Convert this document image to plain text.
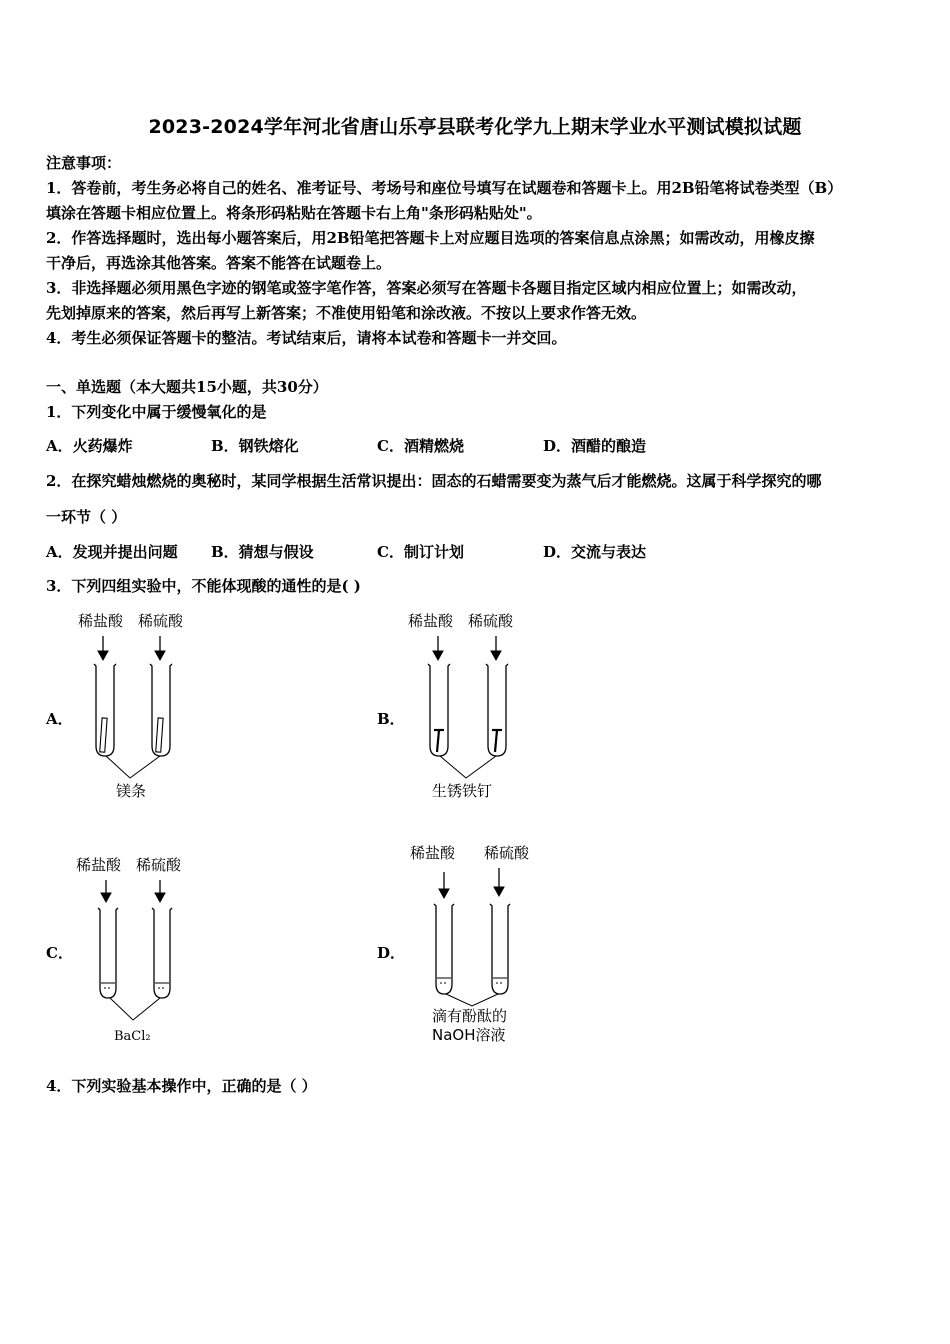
2023-2024学年河北省唐山乐亭县联考化学九上期末学业水平测试模拟试题
注意事项：
1．答卷前，考生务必将自己的姓名、准考证号、考场号和座位号填写在试题卷和答题卡上。用2B铅笔将试卷类型（B）
填涂在答题卡相应位置上。将条形码粘贴在答题卡右上角"条形码粘贴处"。
2．作答选择题时，选出每小题答案后，用2B铅笔把答题卡上对应题目选项的答案信息点涂黑；如需改动，用橡皮擦
干净后，再选涂其他答案。答案不能答在试题卷上。
3．非选择题必须用黑色字迹的钢笔或签字笔作答，答案必须写在答题卡各题目指定区域内相应位置上；如需改动，
先划掉原来的答案，然后再写上新答案；不准使用铅笔和涂改液。不按以上要求作答无效。
4．考生必须保证答题卡的整洁。考试结束后，请将本试卷和答题卡一并交回。
一、单选题（本大题共15小题，共30分）
1．下列变化中属于缓慢氧化的是
A．火药爆炸	B．钢铁熔化	C．酒精燃烧	D．酒醋的酿造
2．在探究蜡烛燃烧的奥秘时，某同学根据生活常识提出：固态的石蜡需要变为蒸气后才能燃烧。这属于科学探究的哪
一环节（ ）
A．发现并提出问题 B．猜想与假设	C．制订计划	D．交流与表达
3．下列四组实验中，不能体现酸的通性的是( )
A．
稀盐酸 稀硫酸
镁条
B．
稀盐酸 稀硫酸
生锈铁钉
C．
稀盐酸 稀硫酸
BaCl₂
D．
稀盐酸 稀硫酸
滴有酚酞的
NaOH溶液
4．下列实验基本操作中，正确的是（ ）
